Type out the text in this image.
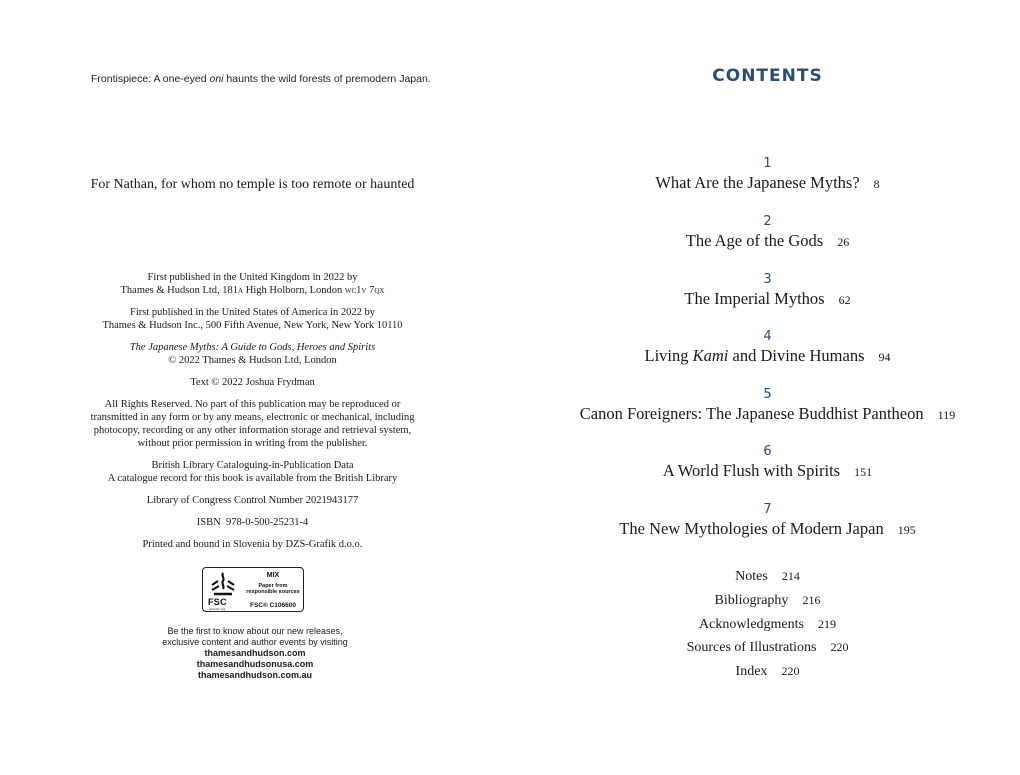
Frontispiece: A one-eyed oni haunts the wild forests of premodern Japan.
For Nathan, for whom no temple is too remote or haunted

First published in the United Kingdom in 2022 by
Thames & Hudson Ltd, 181a High Holborn, London wc1v 7qx

First published in the United States of America in 2022 by
Thames & Hudson Inc., 500 Fifth Avenue, New York, New York 10110

The Japanese Myths: A Guide to Gods, Heroes and Spirits
© 2022 Thames & Hudson Ltd, London

Text © 2022 Joshua Frydman

All Rights Reserved. No part of this publication may be reproduced or
transmitted in any form or by any means, electronic or mechanical, including
photocopy, recording or any other information storage and retrieval system,
without prior permission in writing from the publisher.

British Library Cataloguing-in-Publication Data
A catalogue record for this book is available from the British Library

Library of Congress Control Number 2021943177

ISBN  978-0-500-25231-4

Printed and bound in Slovenia by DZS-Grafik d.o.o.

FSC
www.fsc.org
MIX
Paper from
responsible sources
FSC® C106600
Be the first to know about our new releases,
exclusive content and author events by visiting
thamesandhudson.com
thamesandhudsonusa.com
thamesandhudson.com.au
CONTENTS
1
What Are the Japanese Myths? 8
2
The Age of the Gods 26
3
The Imperial Mythos 62
4
Living Kami and Divine Humans 94
5
Canon Foreigners: The Japanese Buddhist Pantheon 119
6
A World Flush with Spirits 151
7
The New Mythologies of Modern Japan 195
Notes 214
Bibliography 216
Acknowledgments 219
Sources of Illustrations 220
Index 220
